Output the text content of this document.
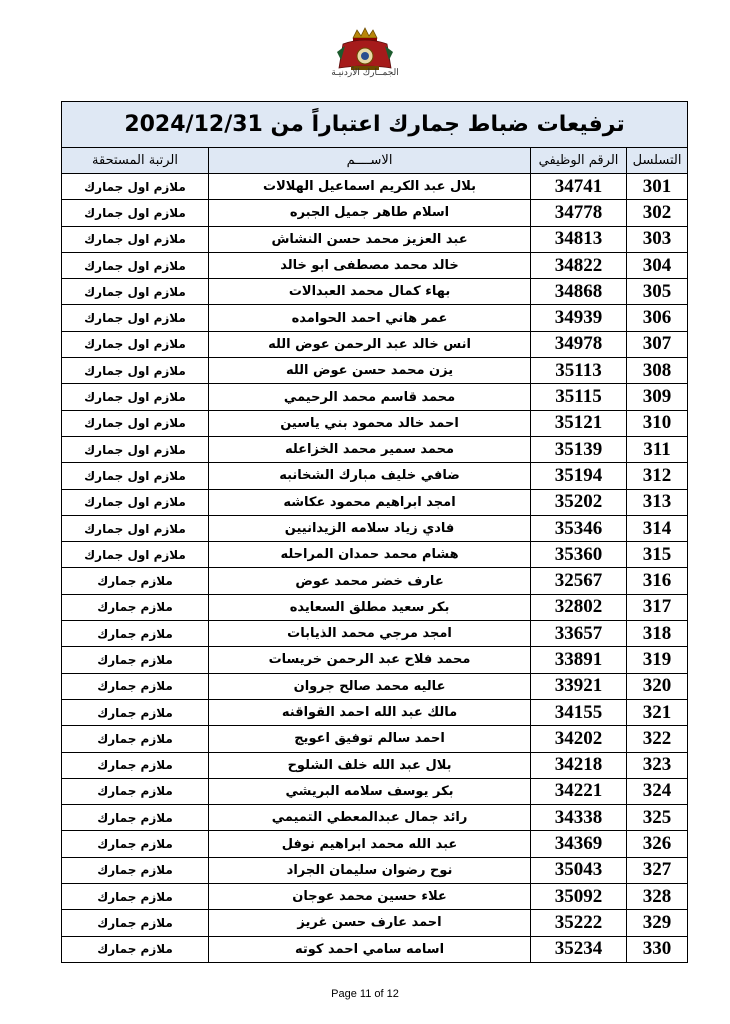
الجمــارك الأردنيـة
ترفيعات ضباط جمارك اعتباراً من 2024/12/31			
التسلسل	الرقم الوظيفي	الاســــم	الرتبة المستحقة
301	34741	بلال عبد الكريم اسماعيل الهلالات	ملازم اول جمارك
302	34778	اسلام طاهر جميل الجبره	ملازم اول جمارك
303	34813	عبد العزيز محمد حسن النشاش	ملازم اول جمارك
304	34822	خالد محمد مصطفى ابو خالد	ملازم اول جمارك
305	34868	بهاء كمال محمد العبدالات	ملازم اول جمارك
306	34939	عمر هاني احمد الحوامده	ملازم اول جمارك
307	34978	انس خالد عبد الرحمن عوض الله	ملازم اول جمارك
308	35113	يزن محمد حسن عوض الله	ملازم اول جمارك
309	35115	محمد قاسم محمد الرحيمي	ملازم اول جمارك
310	35121	احمد خالد محمود بني ياسين	ملازم اول جمارك
311	35139	محمد سمير محمد الخزاعله	ملازم اول جمارك
312	35194	ضافي خليف مبارك الشخانبه	ملازم اول جمارك
313	35202	امجد ابراهيم محمود عكاشه	ملازم اول جمارك
314	35346	فادي زياد سلامه الزيدانيين	ملازم اول جمارك
315	35360	هشام محمد حمدان المراحله	ملازم اول جمارك
316	32567	عارف خضر محمد عوض	ملازم جمارك
317	32802	بكر سعيد مطلق السعايده	ملازم جمارك
318	33657	امجد مرجي محمد الذيابات	ملازم جمارك
319	33891	محمد فلاح عبد الرحمن خريسات	ملازم جمارك
320	33921	عاليه محمد صالح جروان	ملازم جمارك
321	34155	مالك عبد الله احمد القواقنه	ملازم جمارك
322	34202	احمد سالم توفيق اعويج	ملازم جمارك
323	34218	بلال عبد الله خلف الشلوح	ملازم جمارك
324	34221	بكر يوسف سلامه البريشي	ملازم جمارك
325	34338	رائد جمال عبدالمعطي التميمي	ملازم جمارك
326	34369	عبد الله محمد ابراهيم نوفل	ملازم جمارك
327	35043	نوح رضوان سليمان الجراد	ملازم جمارك
328	35092	علاء حسين محمد عوجان	ملازم جمارك
329	35222	احمد عارف حسن غريز	ملازم جمارك
330	35234	اسامه سامي احمد كوته	ملازم جمارك
Page 11 of 12
